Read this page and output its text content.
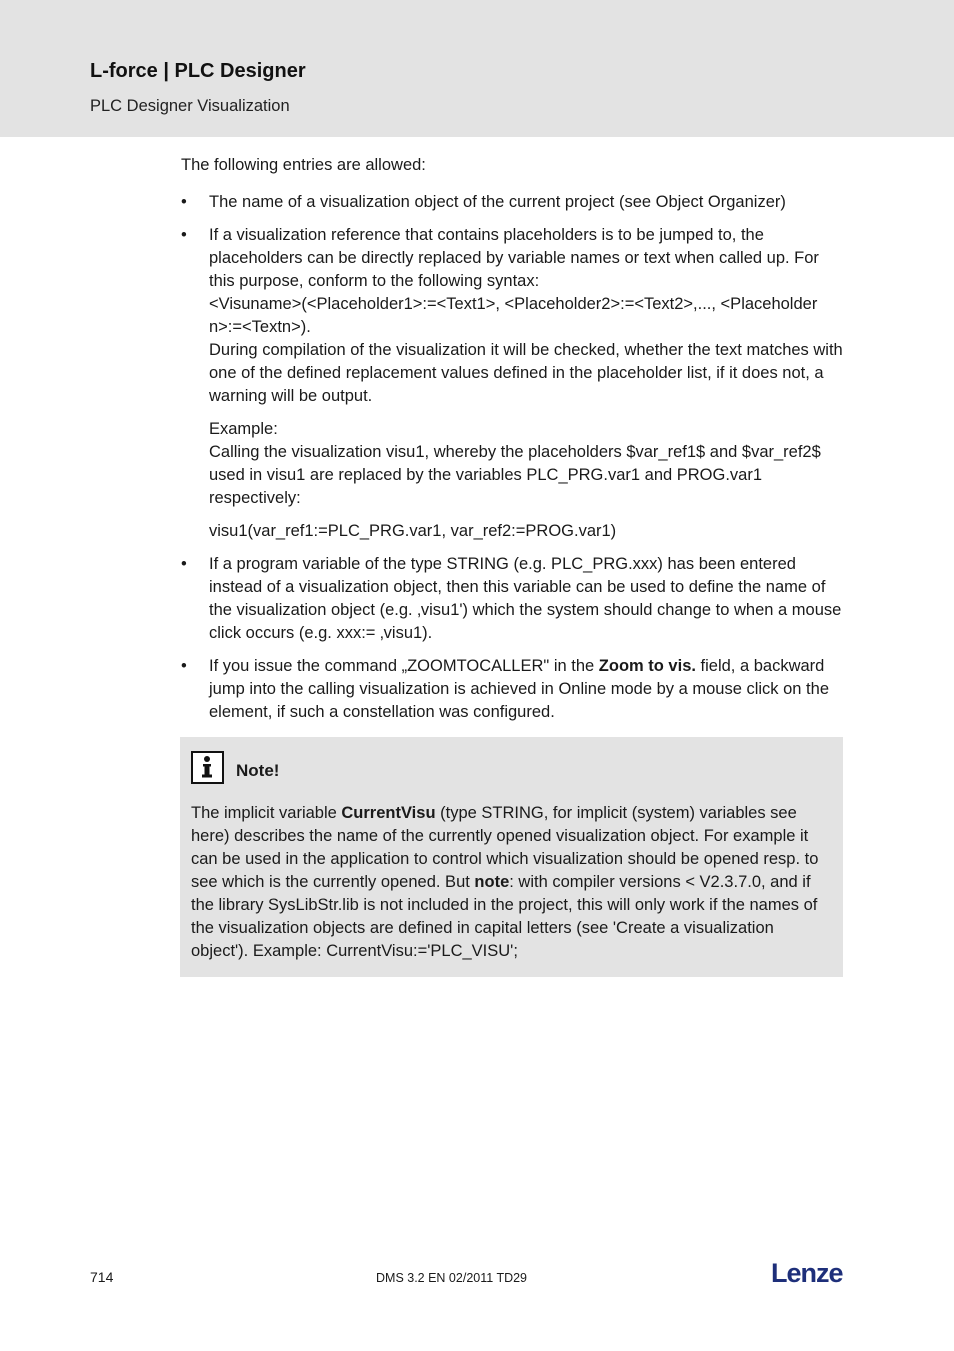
L-force | PLC Designer
PLC Designer Visualization

The following entries are allowed:

•	The name of a visualization object of the current project (see Object Organizer)
•	If a visualization reference that contains placeholders is to be jumped to, the placeholders can be directly replaced by variable names or text when called up. For this purpose, conform to the following syntax:
<Visuname>(<Placeholder1>:=<Text1>, <Placeholder2>:=<Text2>,..., <Placeholder n>:=<Textn>).
During compilation of the visualization it will be checked, whether the text matches with one of the defined replacement values defined in the placeholder list, if it does not, a warning will be output.
Example:
Calling the visualization visu1, whereby the placeholders $var_ref1$ and $var_ref2$ used in visu1 are replaced by the variables PLC_PRG.var1 and PROG.var1 respectively:
visu1(var_ref1:=PLC_PRG.var1, var_ref2:=PROG.var1)
•	If a program variable of the type STRING (e.g. PLC_PRG.xxx) has been entered instead of a visualization object, then this variable can be used to define the name of the visualization object (e.g. ‚visu1') which the system should change to when a mouse click occurs (e.g. xxx:= ‚visu1).
•	If you issue the command „ZOOMTOCALLER" in the Zoom to vis. field, a backward jump into the calling visualization is achieved in Online mode by a mouse click on the element, if such a constellation was configured.
Note!
The implicit variable CurrentVisu (type STRING, for implicit (system) variables see here) describes the name of the currently opened visualization object. For example it can be used in the application to control which visualization should be opened resp. to see which is the currently opened. But note: with compiler versions < V2.3.7.0, and if the library SysLibStr.lib is not included in the project, this will only work if the names of the visualization objects are defined in capital letters (see 'Create a visualization object'). Example: CurrentVisu:='PLC_VISU';
714	DMS 3.2 EN 02/2011 TD29	Lenze
